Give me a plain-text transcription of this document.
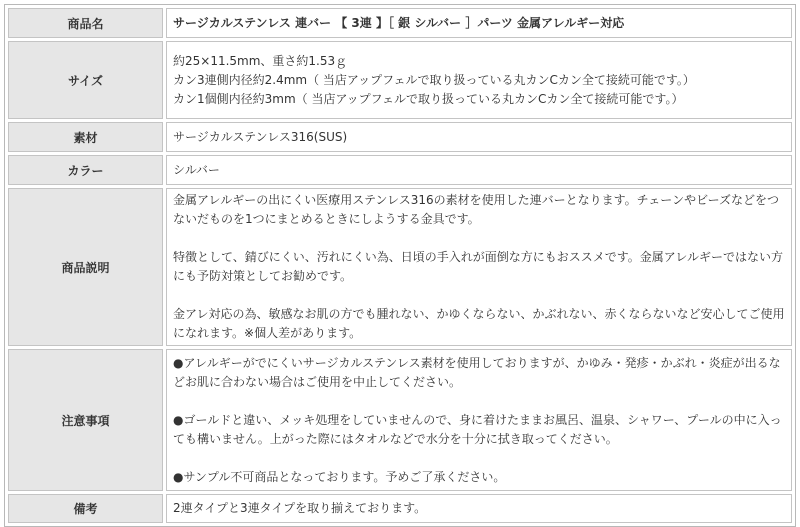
商品名	サージカルステンレス 連バー 【 3連 】［ 銀 シルバー ］パーツ 金属アレルギー対応
サイズ	約25×11.5mm、重さ約1.53ｇ
カン3連側内径約2.4mm（ 当店アップフェルで取り扱っている丸カンCカン全て接続可能です。）
カン1個側内径約3mm（ 当店アップフェルで取り扱っている丸カンCカン全て接続可能です。）

素材	サージカルステンレス316(SUS)
カラー	シルバー
商品説明	金属アレルギーの出にくい医療用ステンレス316の素材を使用した連バーとなります。チェーンやビーズなどをつないだものを1つにまとめるときにしようする金具です。
特徴として、錆びにくい、汚れにくい為、日頃の手入れが面倒な方にもおススメです。金属アレルギーではない方にも予防対策としてお勧めです。
金アレ対応の為、敏感なお肌の方でも腫れない、かゆくならない、かぶれない、赤くならないなど安心してご使用になれます。※個人差があります。

注意事項	●アレルギーがでにくいサージカルステンレス素材を使用しておりますが、かゆみ・発疹・かぶれ・炎症が出るなどお肌に合わない場合はご使用を中止してください。
●ゴールドと違い、メッキ処理をしていませんので、身に着けたままお風呂、温泉、シャワー、プールの中に入っても構いません。上がった際にはタオルなどで水分を十分に拭き取ってください。
●サンプル不可商品となっております。予めご了承ください。

備考	2連タイプと3連タイプを取り揃えております。
